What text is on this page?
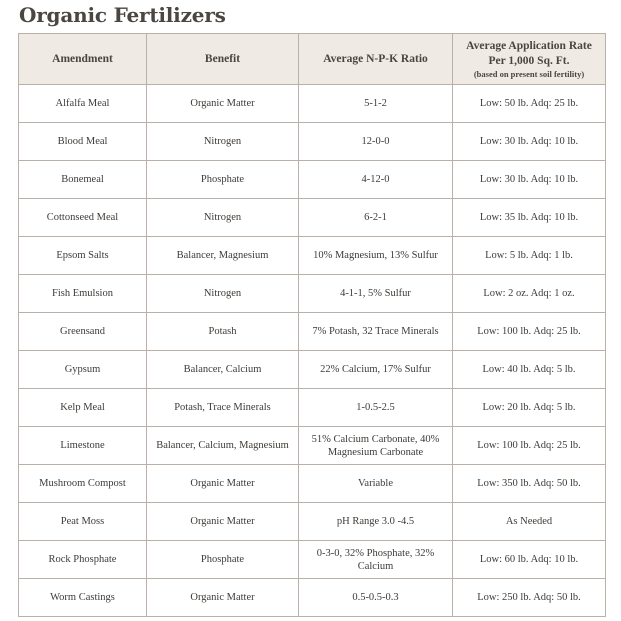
Organic Fertilizers
Amendment	Benefit	Average N-P-K Ratio	Average Application Rate
Per 1,000 Sq. Ft.
(based on present soil fertility)

Alfalfa Meal	Organic Matter	5-1-2	Low: 50 lb. Adq: 25 lb.
Blood Meal	Nitrogen	12-0-0	Low: 30 lb. Adq: 10 lb.
Bonemeal	Phosphate	4-12-0	Low: 30 lb. Adq: 10 lb.
Cottonseed Meal	Nitrogen	6-2-1	Low: 35 lb. Adq: 10 lb.
Epsom Salts	Balancer, Magnesium	10% Magnesium, 13% Sulfur	Low: 5 lb. Adq: 1 lb.
Fish Emulsion	Nitrogen	4-1-1, 5% Sulfur	Low: 2 oz. Adq: 1 oz.
Greensand	Potash	7% Potash, 32 Trace Minerals	Low: 100 lb. Adq: 25 lb.
Gypsum	Balancer, Calcium	22% Calcium, 17% Sulfur	Low: 40 lb. Adq: 5 lb.
Kelp Meal	Potash, Trace Minerals	1-0.5-2.5	Low: 20 lb. Adq: 5 lb.
Limestone	Balancer, Calcium, Magnesium	51% Calcium Carbonate, 40% Magnesium Carbonate	Low: 100 lb. Adq: 25 lb.
Mushroom Compost	Organic Matter	Variable	Low: 350 lb. Adq: 50 lb.
Peat Moss	Organic Matter	pH Range 3.0 -4.5	As Needed
Rock Phosphate	Phosphate	0-3-0, 32% Phosphate, 32% Calcium	Low: 60 lb. Adq: 10 lb.
Worm Castings	Organic Matter	0.5-0.5-0.3	Low: 250 lb. Adq: 50 lb.
